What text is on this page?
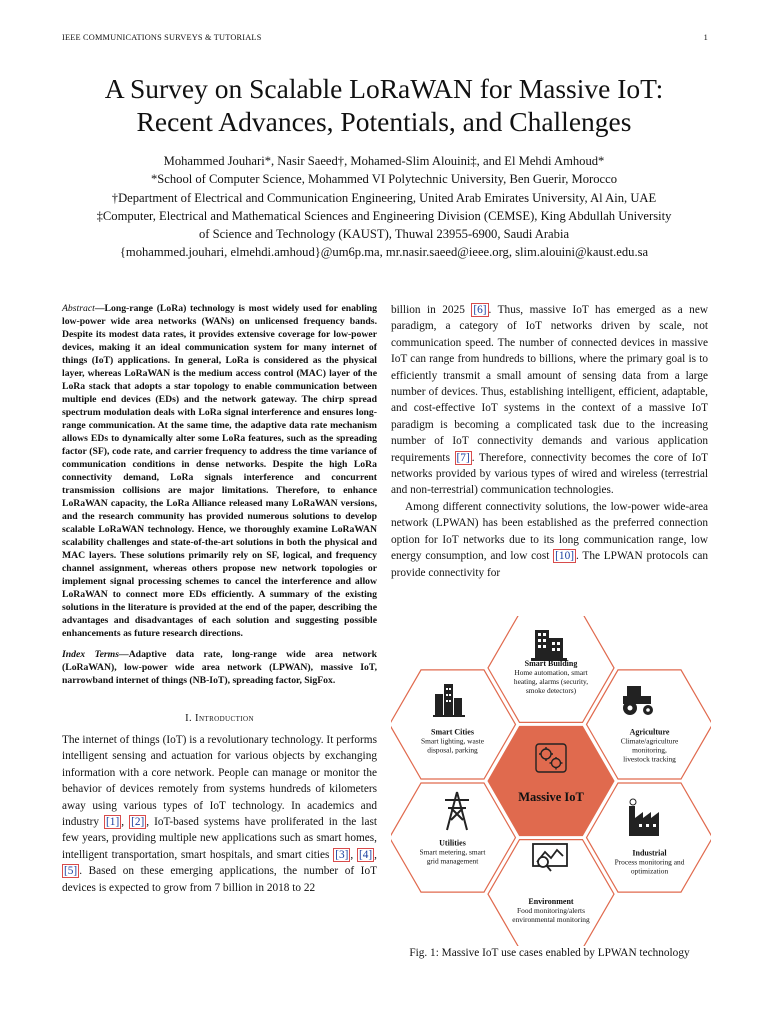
IEEE COMMUNICATIONS SURVEYS & TUTORIALS	1
A Survey on Scalable LoRaWAN for Massive IoT:
Recent Advances, Potentials, and Challenges
Mohammed Jouhari*, Nasir Saeed†, Mohamed-Slim Alouini‡, and El Mehdi Amhoud*
*School of Computer Science, Mohammed VI Polytechnic University, Ben Guerir, Morocco
†Department of Electrical and Communication Engineering, United Arab Emirates University, Al Ain, UAE
‡Computer, Electrical and Mathematical Sciences and Engineering Division (CEMSE), King Abdullah University
of Science and Technology (KAUST), Thuwal 23955-6900, Saudi Arabia
{mohammed.jouhari, elmehdi.amhoud}@um6p.ma, mr.nasir.saeed@ieee.org, slim.alouini@kaust.edu.sa
Abstract—Long-range (LoRa) technology is most widely used for enabling low-power wide area networks (WANs) on unlicensed frequency bands. Despite its modest data rates, it provides extensive coverage for low-power devices, making it an ideal communication system for many internet of things (IoT) applications. In general, LoRa is considered as the physical layer, whereas LoRaWAN is the medium access control (MAC) layer of the LoRa stack that adopts a star topology to enable communication between multiple end devices (EDs) and the network gateway. The chirp spread spectrum modulation deals with LoRa signal interference and ensures long-range communication. At the same time, the adaptive data rate mechanism allows EDs to dynamically alter some LoRa features, such as the spreading factor (SF), code rate, and carrier frequency to address the time variance of communication conditions in dense networks. Despite the high LoRa connectivity demand, LoRa signals interference and concurrent transmission collisions are major limitations. Therefore, to enhance LoRaWAN capacity, the LoRa Alliance released many LoRaWAN versions, and the research community has provided numerous solutions to develop scalable LoRaWAN technology. Hence, we thoroughly examine LoRaWAN scalability challenges and state-of-the-art solutions in both the physical and MAC layers. These solutions primarily rely on SF, logical, and frequency channel assignment, whereas others propose new network topologies or implement signal processing schemes to cancel the interference and allow LoRaWAN to connect more EDs efficiently. A summary of the existing solutions in the literature is provided at the end of the paper, describing the advantages and disadvantages of each solution and suggesting possible enhancements as future research directions.
Index Terms—Adaptive data rate, long-range wide area network (LoRaWAN), low-power wide area network (LPWAN), massive IoT, narrowband internet of things (NB-IoT), spreading factor, SigFox.
I. Introduction

The internet of things (IoT) is a revolutionary technology. It performs intelligent sensing and actuation for various objects by exchanging information with a core network. People can manage or monitor the behavior of devices remotely from systems hundreds of kilometers away using various types of IoT technology. In academics and industry [1] , [2] , IoT-based systems have proliferated in the last few years, providing multiple new applications such as smart homes, intelligent transportation, smart hospitals, and smart cities [3] , [4] , [5] . Based on these emerging applications, the number of IoT devices is expected to grow from 7 billion in 2018 to 22

billion in 2025 [6] . Thus, massive IoT has emerged as a new paradigm, a category of IoT networks driven by scale, not communication speed. The number of connected devices in massive IoT can range from hundreds to billions, where the primary goal is to efficiently transmit a small amount of sensing data from a large number of devices. Thus, establishing intelligent, efficient, adaptable, and cost-effective IoT systems in the context of a massive IoT paradigm is becoming a complicated task due to the increasing number of IoT connectivity demands and various application requirements [7] . Therefore, connectivity becomes the core of IoT networks provided by various types of wired and wireless (terrestrial and non-terrestrial) communication technologies.

Among different connectivity solutions, the low-power wide-area network (LPWAN) has been established as the preferred connection option for IoT networks due to its long communication range, low energy consumption, and low cost [10] . The LPWAN protocols can provide connectivity for

Massive IoT
Smart Building
Home automation, smart
heating, alarms (security,
smoke detectors)
Agriculture
Climate/agriculture
monitoring,
livestock tracking
Industrial
Process monitoring and
optimization
Environment
Food monitoring/alerts
environmental monitoring
Utilities
Smart metering, smart
grid management
Smart Cities
Smart lighting, waste
disposal, parking
Fig. 1: Massive IoT use cases enabled by LPWAN technology
